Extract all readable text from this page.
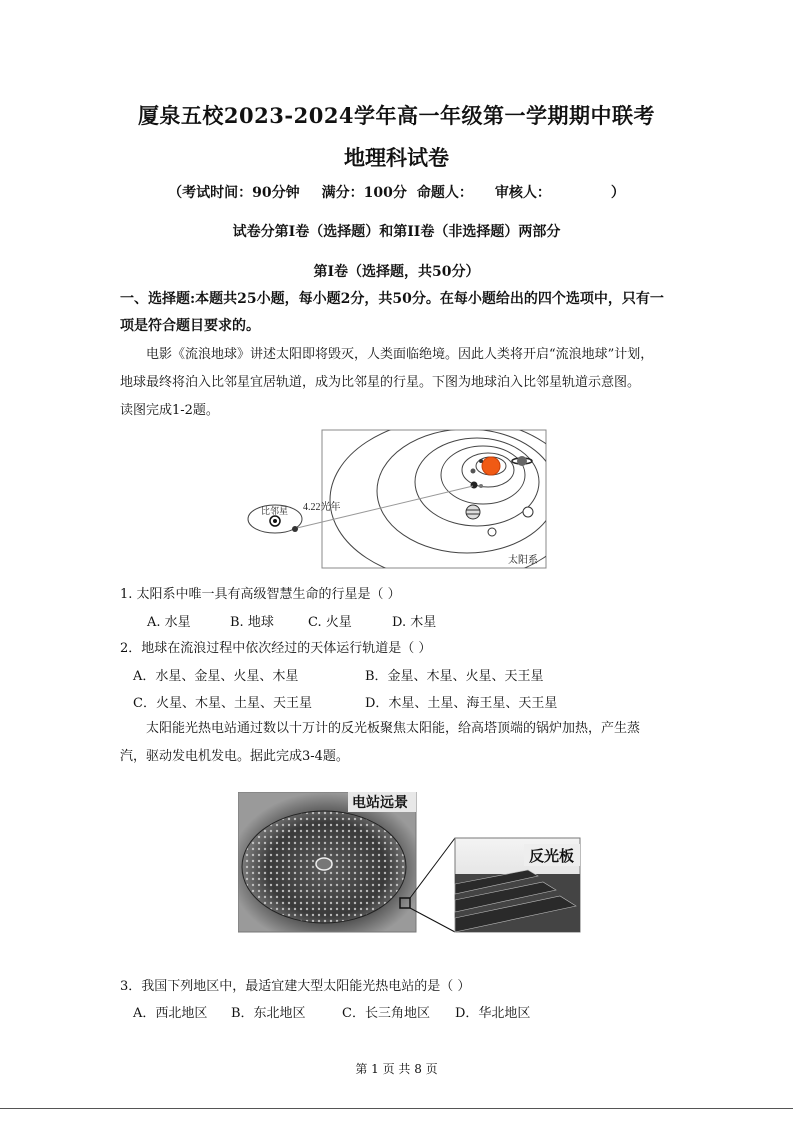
厦泉五校2023-2024学年高一年级第一学期期中联考
地理科试卷
（考试时间：90分钟 满分：100分 命题人： 审核人：	）
试卷分第I卷（选择题）和第II卷（非选择题）两部分
第I卷（选择题，共50分）
一、选择题:本题共25小题，每小题2分，共50分。在每小题给出的四个选项中，只有一
项是符合题目要求的。
电影《流浪地球》讲述太阳即将毁灭，人类面临绝境。因此人类将开启“流浪地球”计划，
地球最终将泊入比邻星宜居轨道，成为比邻星的行星。下图为地球泊入比邻星轨道示意图。
读图完成1-2题。
比邻星 4.22光年
太阳系
1. 太阳系中唯一具有高级智慧生命的行星是（ ）
A. 水星	B. 地球	C. 火星	D. 木星
2．地球在流浪过程中依次经过的天体运行轨道是（ ）
A．水星、金星、火星、木星	B．金星、木星、火星、天王星
C．火星、木星、土星、天王星	D．木星、土星、海王星、天王星
太阳能光热电站通过数以十万计的反光板聚焦太阳能，给高塔顶端的锅炉加热，产生蒸
汽，驱动发电机发电。据此完成3-4题。
电站远景
反光板
3．我国下列地区中，最适宜建大型太阳能光热电站的是（ ）
A．西北地区 B．东北地区	C．长三角地区 D．华北地区
第 1 页 共 8 页
